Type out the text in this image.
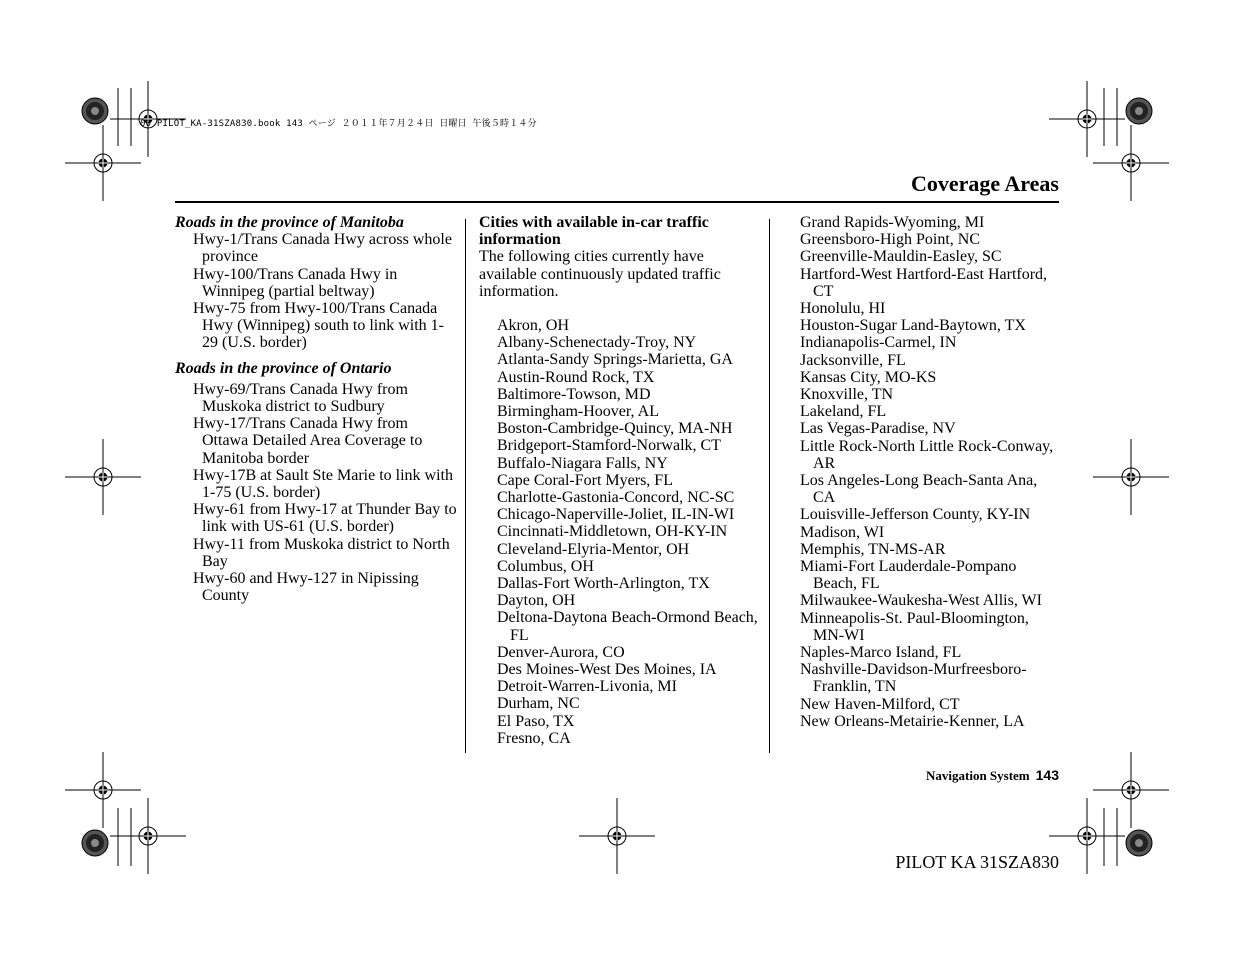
00 PILOT_KA-31SZA830.book 143 ページ ２０１１年７月２４日 日曜日 午後５時１４分
Coverage Areas
Roads in the province of Manitoba
Hwy-1/Trans Canada Hwy across whole province
Hwy-100/Trans Canada Hwy in Winnipeg (partial beltway)
Hwy-75 from Hwy-100/Trans Canada Hwy (Winnipeg) south to link with 1-29 (U.S. border)
Roads in the province of Ontario
Hwy-69/Trans Canada Hwy from Muskoka district to Sudbury
Hwy-17/Trans Canada Hwy from Ottawa Detailed Area Coverage to Manitoba border
Hwy-17B at Sault Ste Marie to link with 1-75 (U.S. border)
Hwy-61 from Hwy-17 at Thunder Bay to link with US-61 (U.S. border)
Hwy-11 from Muskoka district to North Bay
Hwy-60 and Hwy-127 in Nipissing County
Cities with available in-car traffic information
The following cities currently have available continuously updated traffic information.
Akron, OH
Albany-Schenectady-Troy, NY
Atlanta-Sandy Springs-Marietta, GA
Austin-Round Rock, TX
Baltimore-Towson, MD
Birmingham-Hoover, AL
Boston-Cambridge-Quincy, MA-NH
Bridgeport-Stamford-Norwalk, CT
Buffalo-Niagara Falls, NY
Cape Coral-Fort Myers, FL
Charlotte-Gastonia-Concord, NC-SC
Chicago-Naperville-Joliet, IL-IN-WI
Cincinnati-Middletown, OH-KY-IN
Cleveland-Elyria-Mentor, OH
Columbus, OH
Dallas-Fort Worth-Arlington, TX
Dayton, OH
Deltona-Daytona Beach-Ormond Beach, FL
Denver-Aurora, CO
Des Moines-West Des Moines, IA
Detroit-Warren-Livonia, MI
Durham, NC
El Paso, TX
Fresno, CA
Grand Rapids-Wyoming, MI
Greensboro-High Point, NC
Greenville-Mauldin-Easley, SC
Hartford-West Hartford-East Hartford, CT
Honolulu, HI
Houston-Sugar Land-Baytown, TX
Indianapolis-Carmel, IN
Jacksonville, FL
Kansas City, MO-KS
Knoxville, TN
Lakeland, FL
Las Vegas-Paradise, NV
Little Rock-North Little Rock-Conway, AR
Los Angeles-Long Beach-Santa Ana, CA
Louisville-Jefferson County, KY-IN
Madison, WI
Memphis, TN-MS-AR
Miami-Fort Lauderdale-Pompano Beach, FL
Milwaukee-Waukesha-West Allis, WI
Minneapolis-St. Paul-Bloomington, MN-WI
Naples-Marco Island, FL
Nashville-Davidson-Murfreesboro-Franklin, TN
New Haven-Milford, CT
New Orleans-Metairie-Kenner, LA
Navigation System 143
PILOT KA 31SZA830
